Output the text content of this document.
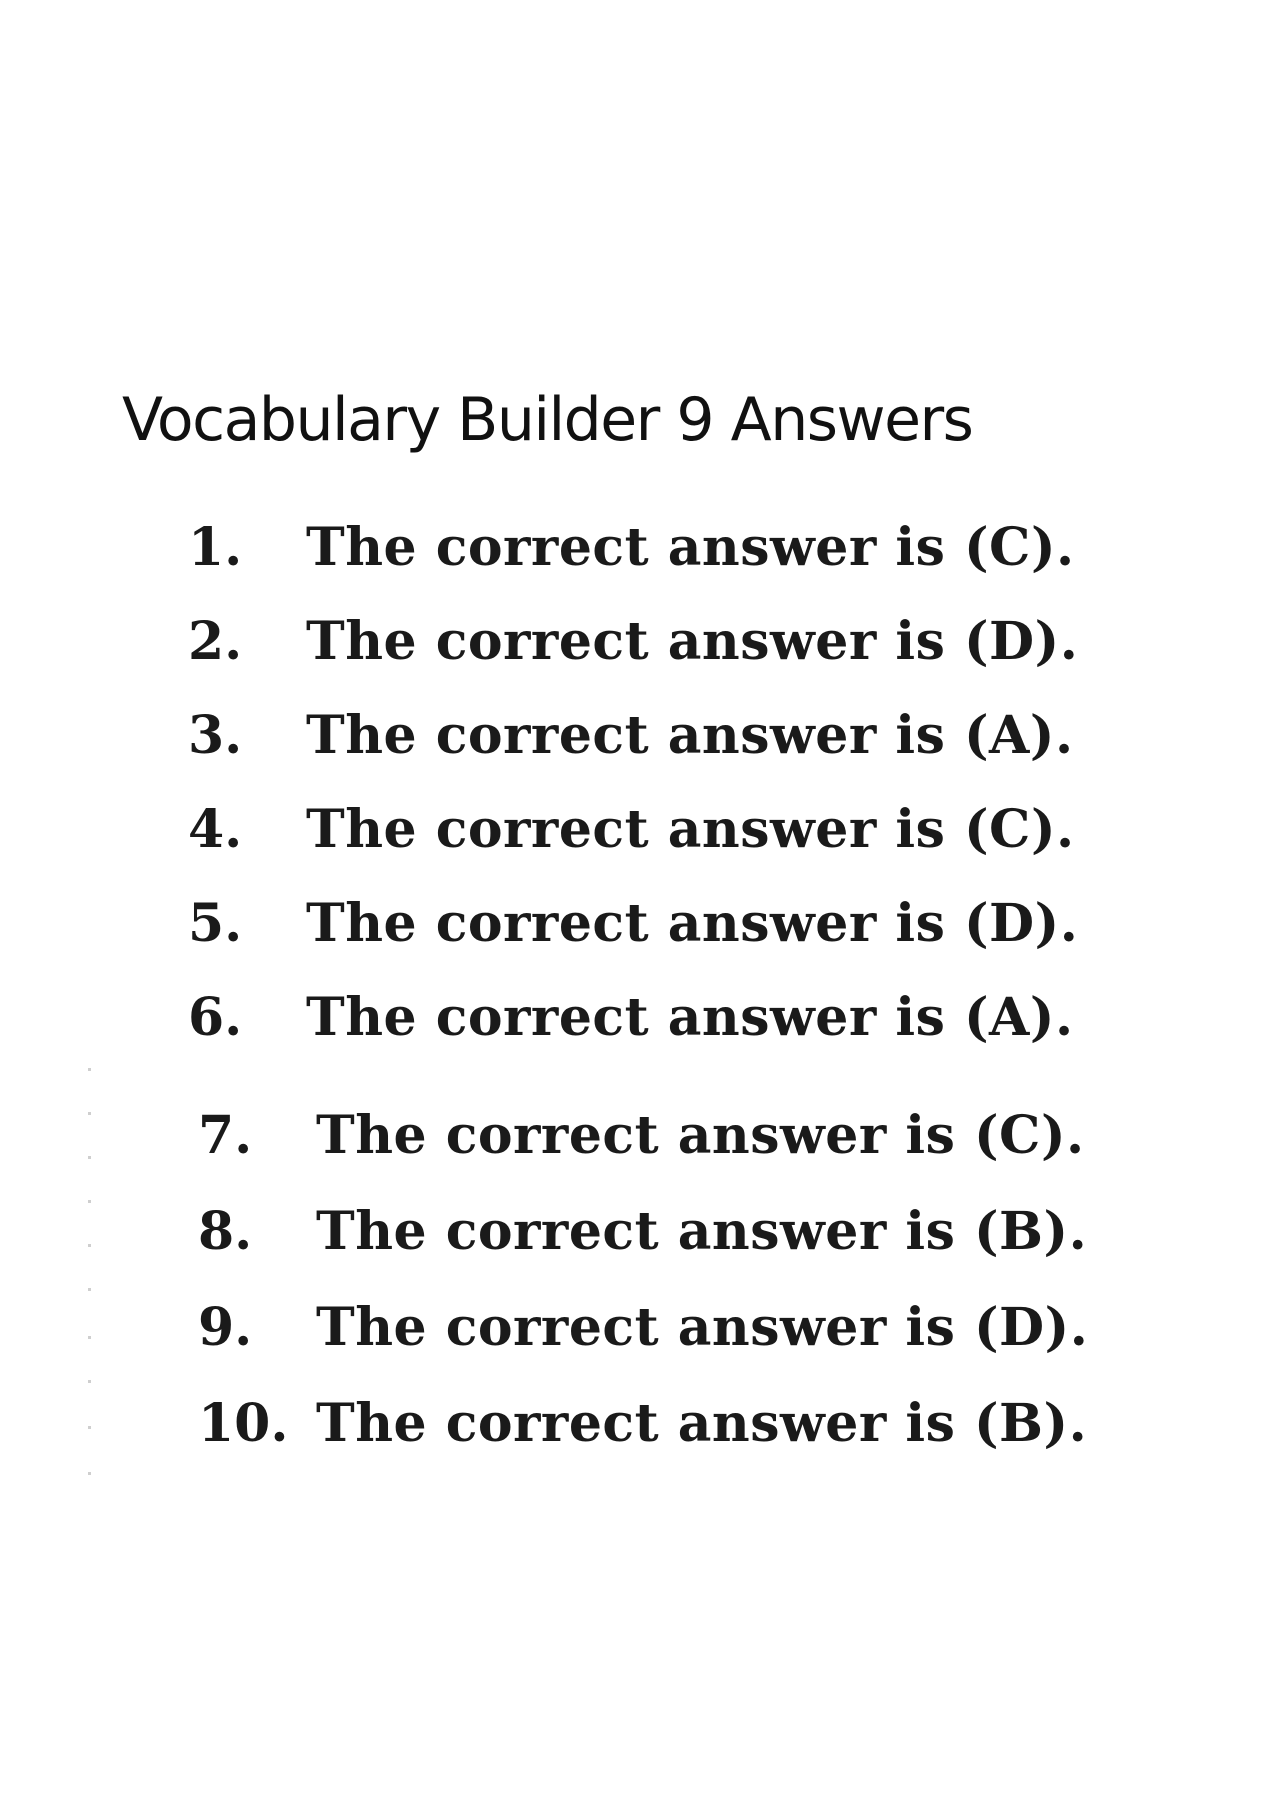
Vocabulary Builder 9 Answers
1. The correct answer is (C).
2. The correct answer is (D).
3. The correct answer is (A).
4. The correct answer is (C).
5. The correct answer is (D).
6. The correct answer is (A).
7. The correct answer is (C).
8. The correct answer is (B).
9. The correct answer is (D).
10. The correct answer is (B).
